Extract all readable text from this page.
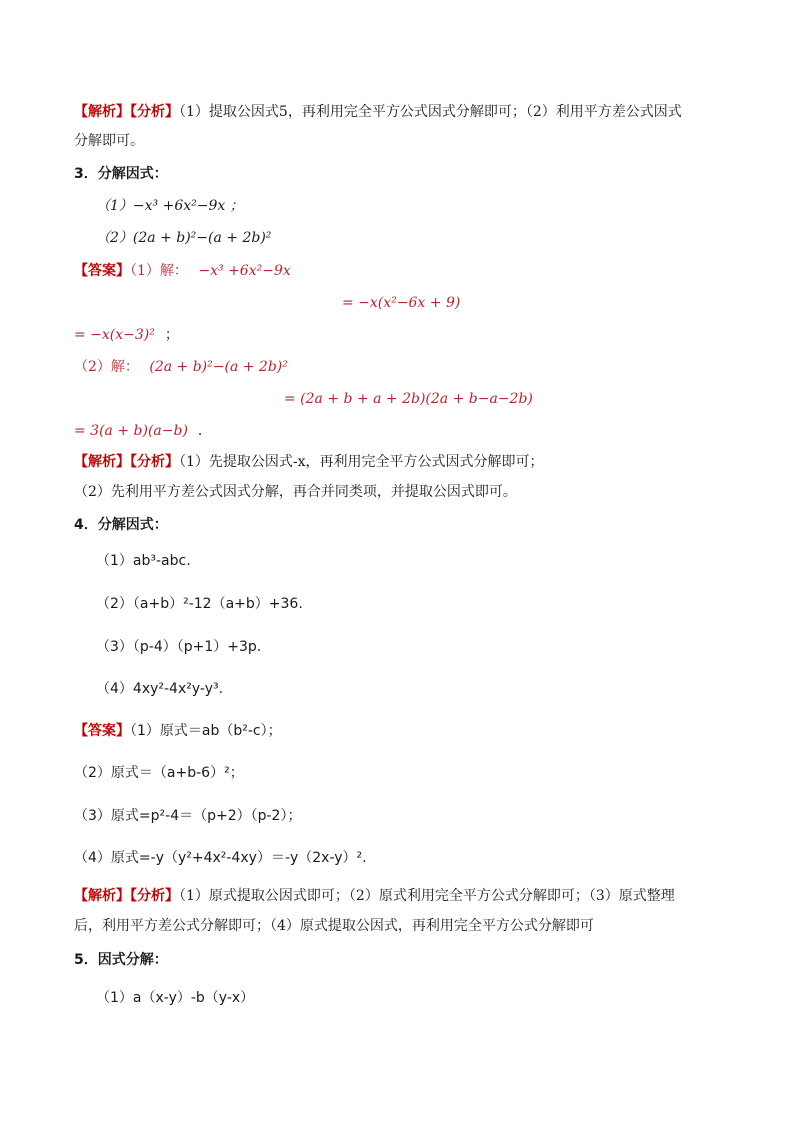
【解析】【分析】（1）提取公因式5，再利用完全平方公式因式分解即可；（2）利用平方差公式因式
分解即可。
3．分解因式：
（1）−x³ +6x²−9x ；
（2）(2a + b)²−(a + 2b)²
【答案】（1）解： −x³ +6x²−9x
= −x(x²−6x + 9)
= −x(x−3)² ；
（2）解： (2a + b)²−(a + 2b)²
= (2a + b + a + 2b)(2a + b−a−2b)
= 3(a + b)(a−b) ．
【解析】【分析】（1）先提取公因式-x，再利用完全平方公式因式分解即可；
（2）先利用平方差公式因式分解，再合并同类项，并提取公因式即可。
4．分解因式：
（1）ab³-abc.
（2）（a+b）²-12（a+b）+36.
（3）（p-4）（p+1）+3p.
（4）4xy²-4x²y-y³.
【答案】（1）原式＝ab（b²-c）；
（2）原式＝（a+b-6）²；
（3）原式=p²-4＝（p+2）（p-2）；
（4）原式=-y（y²+4x²-4xy）＝-y（2x-y）².
【解析】【分析】（1）原式提取公因式即可；（2）原式利用完全平方公式分解即可；（3）原式整理
后，利用平方差公式分解即可；（4）原式提取公因式，再利用完全平方公式分解即可
5．因式分解：
（1）a（x-y）-b（y-x）
